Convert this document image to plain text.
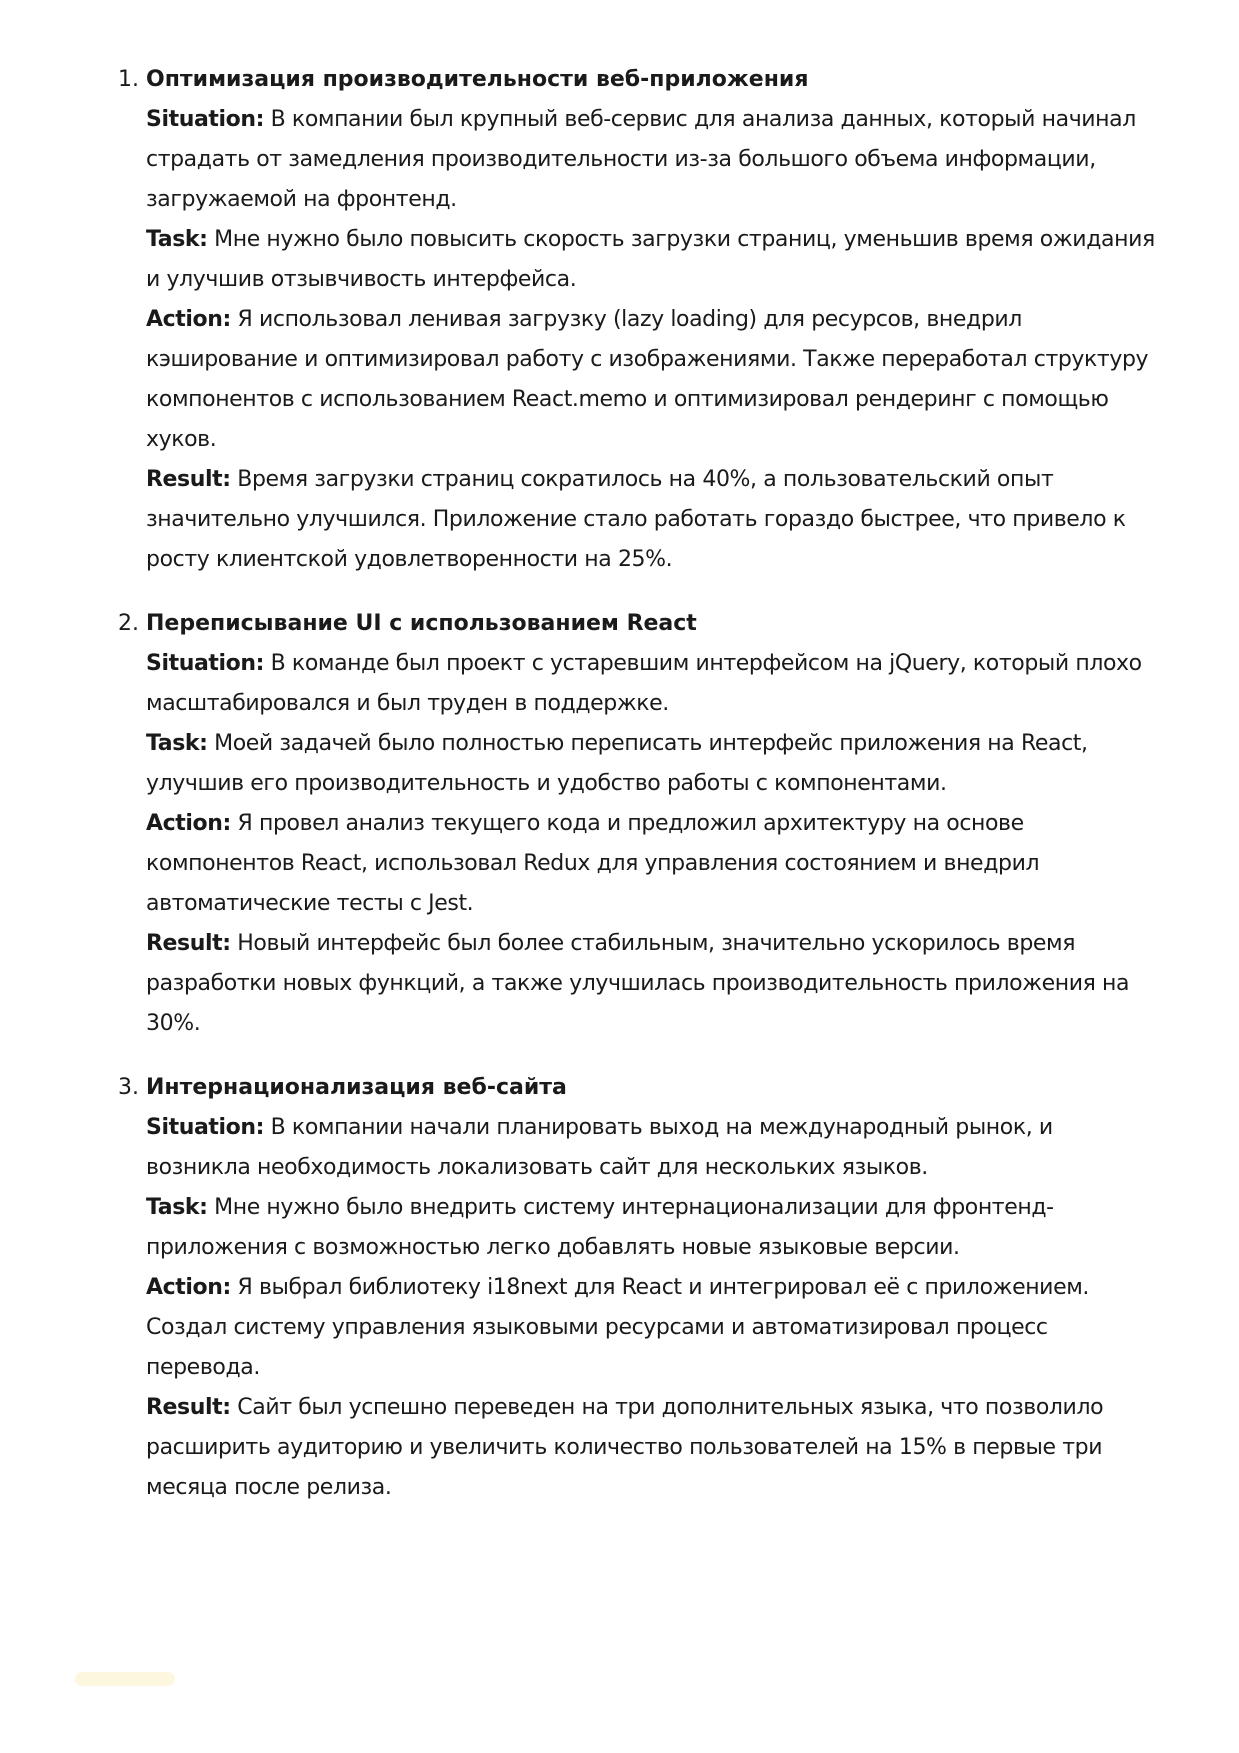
1. Оптимизация производительности веб-приложения

Situation: В компании был крупный веб-сервис для анализа данных, который начинал страдать от замедления производительности из-за большого объема информации, загружаемой на фронтенд.

Task: Мне нужно было повысить скорость загрузки страниц, уменьшив время ожидания и улучшив отзывчивость интерфейса.

Action: Я использовал ленивая загрузку (lazy loading) для ресурсов, внедрил кэширование и оптимизировал работу с изображениями. Также переработал структуру компонентов с использованием React.memo и оптимизировал рендеринг с помощью хуков.

Result: Время загрузки страниц сократилось на 40%, а пользовательский опыт значительно улучшился. Приложение стало работать гораздо быстрее, что привело к росту клиентской удовлетворенности на 25%.

2. Переписывание UI с использованием React

Situation: В команде был проект с устаревшим интерфейсом на jQuery, который плохо масштабировался и был труден в поддержке.

Task: Моей задачей было полностью переписать интерфейс приложения на React, улучшив его производительность и удобство работы с компонентами.

Action: Я провел анализ текущего кода и предложил архитектуру на основе компонентов React, использовал Redux для управления состоянием и внедрил автоматические тесты с Jest.

Result: Новый интерфейс был более стабильным, значительно ускорилось время разработки новых функций, а также улучшилась производительность приложения на 30%.

3. Интернационализация веб-сайта

Situation: В компании начали планировать выход на международный рынок, и возникла необходимость локализовать сайт для нескольких языков.

Task: Мне нужно было внедрить систему интернационализации для фронтенд-приложения с возможностью легко добавлять новые языковые версии.

Action: Я выбрал библиотеку i18next для React и интегрировал её с приложением. Создал систему управления языковыми ресурсами и автоматизировал процесс перевода.

Result: Сайт был успешно переведен на три дополнительных языка, что позволило расширить аудиторию и увеличить количество пользователей на 15% в первые три месяца после релиза.
